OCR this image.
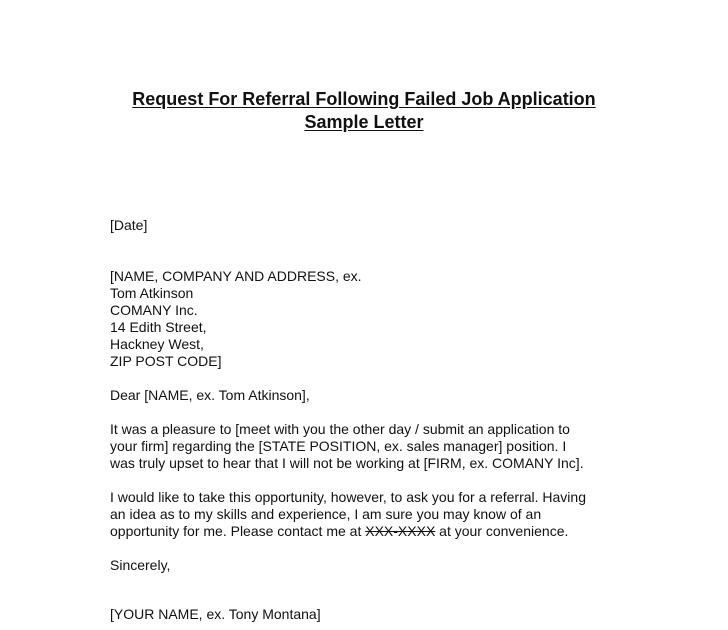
Request For Referral Following Failed Job Application
Sample Letter
[Date]
[NAME, COMPANY AND ADDRESS, ex.
Tom Atkinson
COMANY Inc.
14 Edith Street,
Hackney West,
ZIP POST CODE]
Dear [NAME, ex. Tom Atkinson],
It was a pleasure to [meet with you the other day / submit an application to
your firm] regarding the [STATE POSITION, ex. sales manager] position. I
was truly upset to hear that I will not be working at [FIRM, ex. COMANY Inc].
I would like to take this opportunity, however, to ask you for a referral. Having
an idea as to my skills and experience, I am sure you may know of an
opportunity for me. Please contact me at XXX-XXXX at your convenience.
Sincerely,
[YOUR NAME, ex. Tony Montana]
